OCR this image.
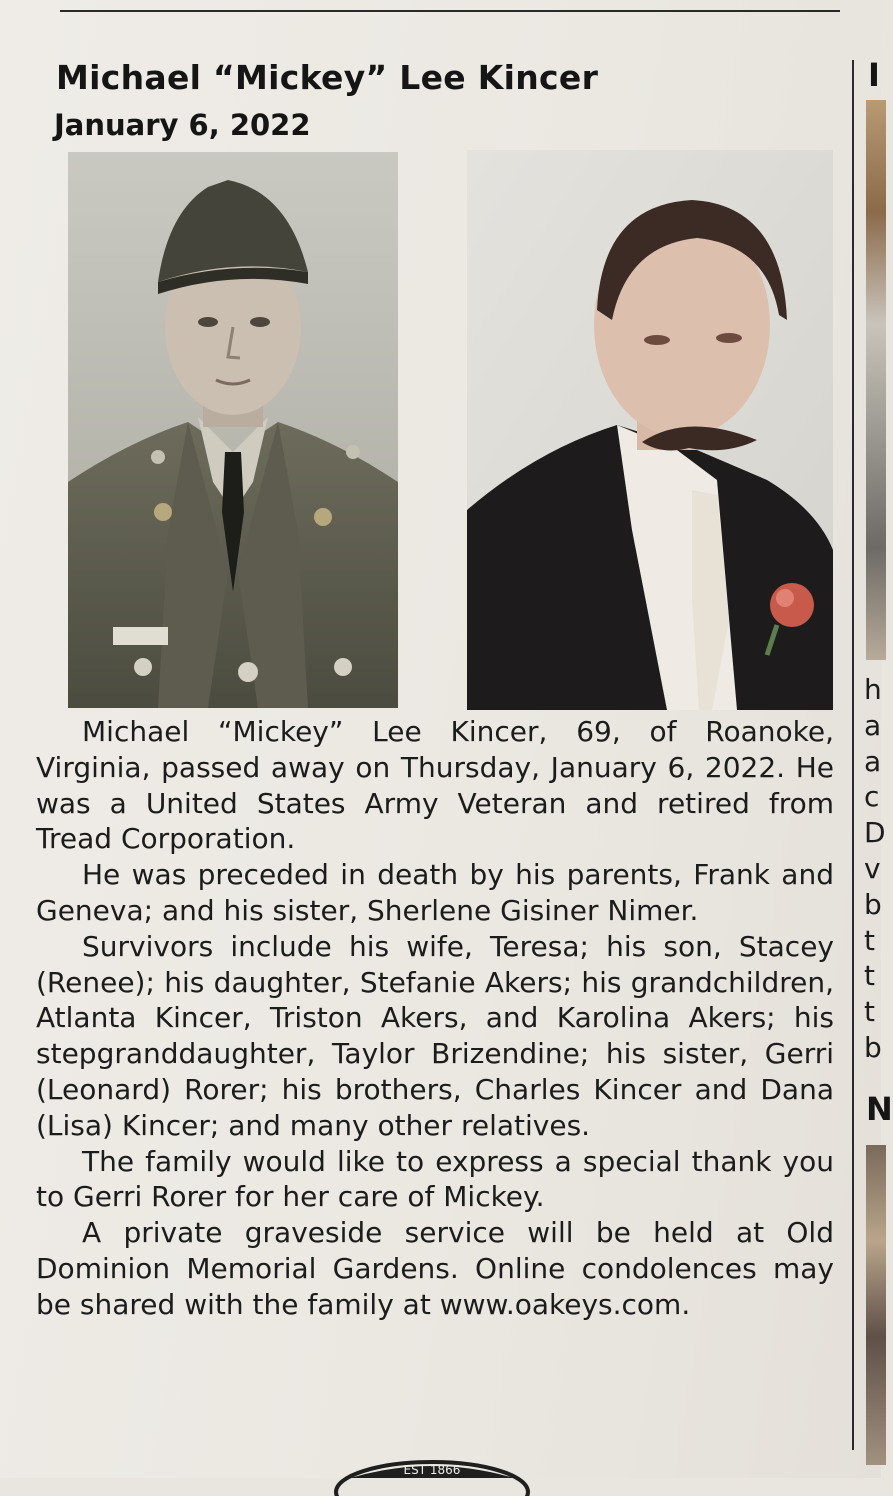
Michael “Mickey” Lee Kincer
January 6, 2022

Michael “Mickey” Lee Kincer, 69, of Roanoke, Virginia, passed away on Thursday, January 6, 2022. He was a United States Army Veteran and retired from Tread Corporation.

He was preceded in death by his parents, Frank and Geneva; and his sister, Sherlene Gisiner Nimer.

Survivors include his wife, Teresa; his son, Stacey (Renee); his daughter, Stefanie Akers; his grandchildren, Atlanta Kincer, Triston Akers, and Karolina Akers; his stepgranddaughter, Taylor Brizendine; his sister, Gerri (Leonard) Rorer; his brothers, Charles Kincer and Dana (Lisa) Kincer; and many other relatives.

The family would like to express a special thank you to Gerri Rorer for her care of Mickey.

A private graveside service will be held at Old Dominion Memorial Gardens. Online condolences may be shared with the family at www.oakeys.com.

I
h
a
a
c
D
v
b
t
t
t
b
N
EST 1866
